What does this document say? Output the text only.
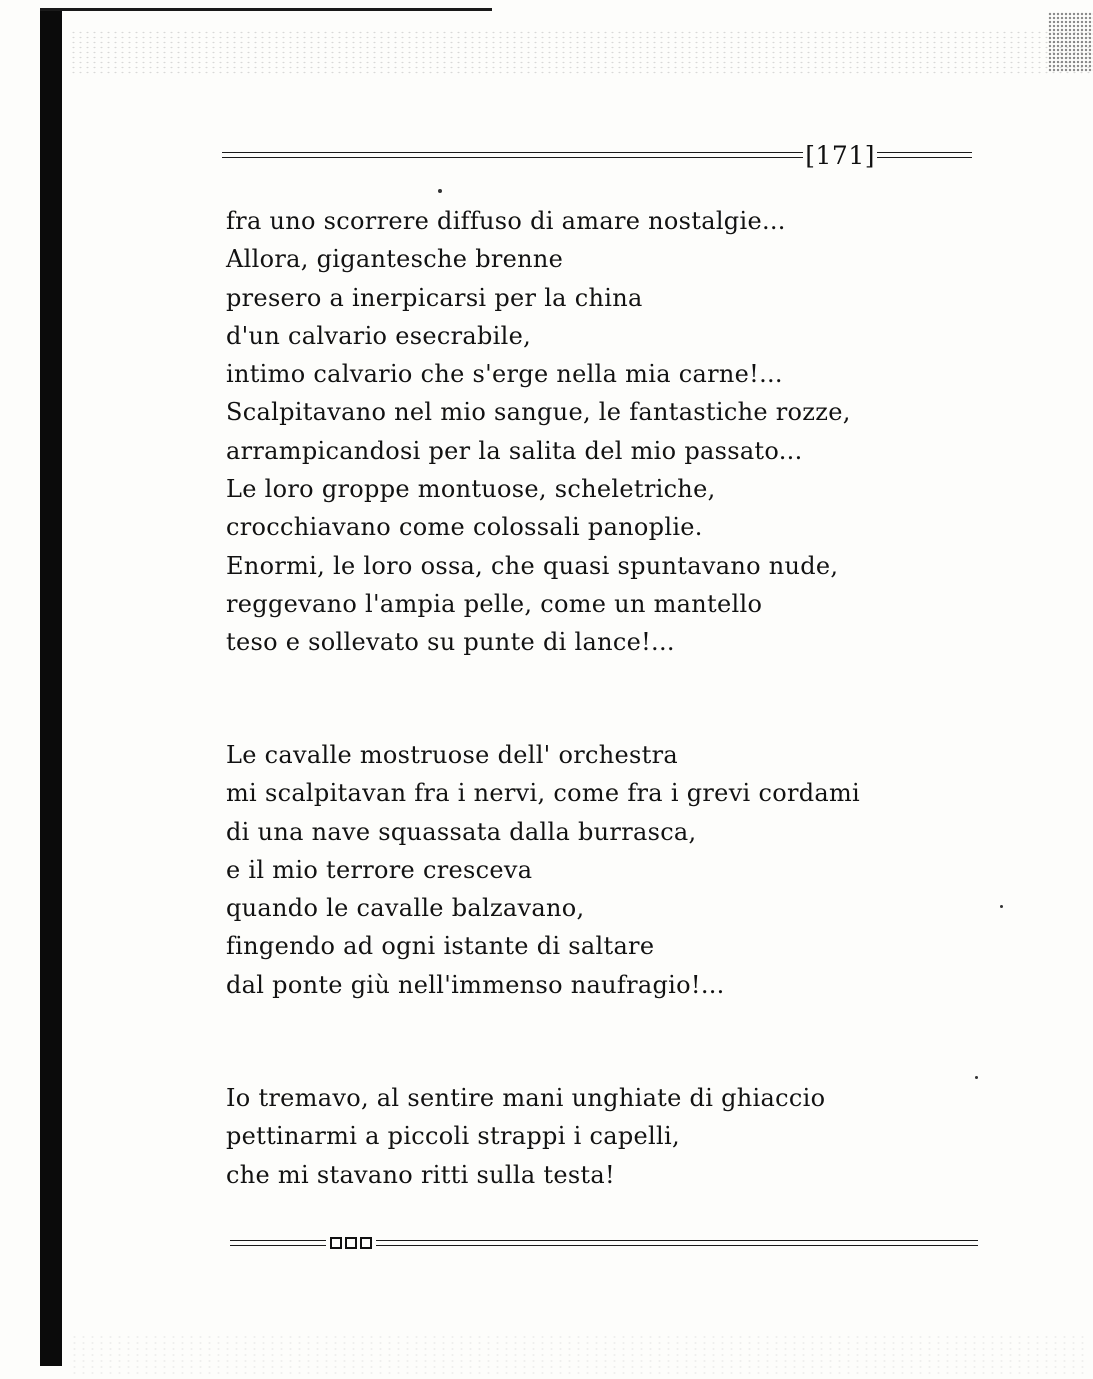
[171]
fra uno scorrere diffuso di amare nostalgie...
Allora, gigantesche brenne
presero a inerpicarsi per la china
d'un calvario esecrabile,
intimo calvario che s'erge nella mia carne!...
Scalpitavano nel mio sangue, le fantastiche rozze,
arrampicandosi per la salita del mio passato...
Le loro groppe montuose, scheletriche,
crocchiavano come colossali panoplie.
Enormi, le loro ossa, che quasi spuntavano nude,
reggevano l'ampia pelle, come un mantello
teso e sollevato su punte di lance!...
Le cavalle mostruose dell' orchestra
mi scalpitavan fra i nervi, come fra i grevi cordami
di una nave squassata dalla burrasca,
e il mio terrore cresceva
quando le cavalle balzavano,
fingendo ad ogni istante di saltare
dal ponte giù nell'immenso naufragio!...
Io tremavo, al sentire mani unghiate di ghiaccio
pettinarmi a piccoli strappi i capelli,
che mi stavano ritti sulla testa!
